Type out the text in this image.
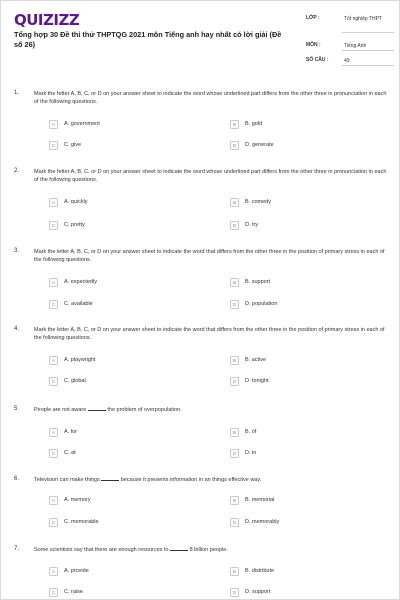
QUIZIZZ
Tổng hợp 30 Đề thi thử THPTQG 2021 môn Tiếng anh hay nhất có lời giải (Đề số 26)
LỚP :	Tốt nghiệp THPT
MÔN :	Tiếng Anh
SỐ CÂU :	49
1.	Mark the fetter A, B, C, or D on your answer sheet to indicate the word whose underlined part differs from the other three in pronunciation in each of the following questions.
A	A. government	B	B. gold
C	C. give	D	D. generate
2.	Mark the fetter A, B, C, or D on your answer sheet to indicate the word whose underlined part differs from the other three in pronunciation in each of the following questions.
A	A. quickly	B	B. comedy
C	C. pretty	D	D. try
3.	Mark the letter A, B, C, or D on your answer sheet to indicate the word that differs from the other three in the position of primary stress in each of the following questions.
A	A. expectedly	B	B. support
C	C. available	D	D. population
4.	Mark the letter A, B, C, or D on your answer sheet to indicate the word that differs from the other three in the position of primary stress in each of the following questions.
A	A. playwright	B	B. active
C	C. global	D	D. tonight
5.	People are not aware	the problem of overpopulation.
A	A. for	B	B. of
C	C. at	D	D. in
6.	Television can make things	because it presents information in an things effective way.
A	A. memory	B	B. memorial
C	C. memorable	D	D. memorably
7.	Some scientists say that there are enough resources to	8 billion people.
A	A. provide	B	B. distribute
C	C. raise	D	D. support
